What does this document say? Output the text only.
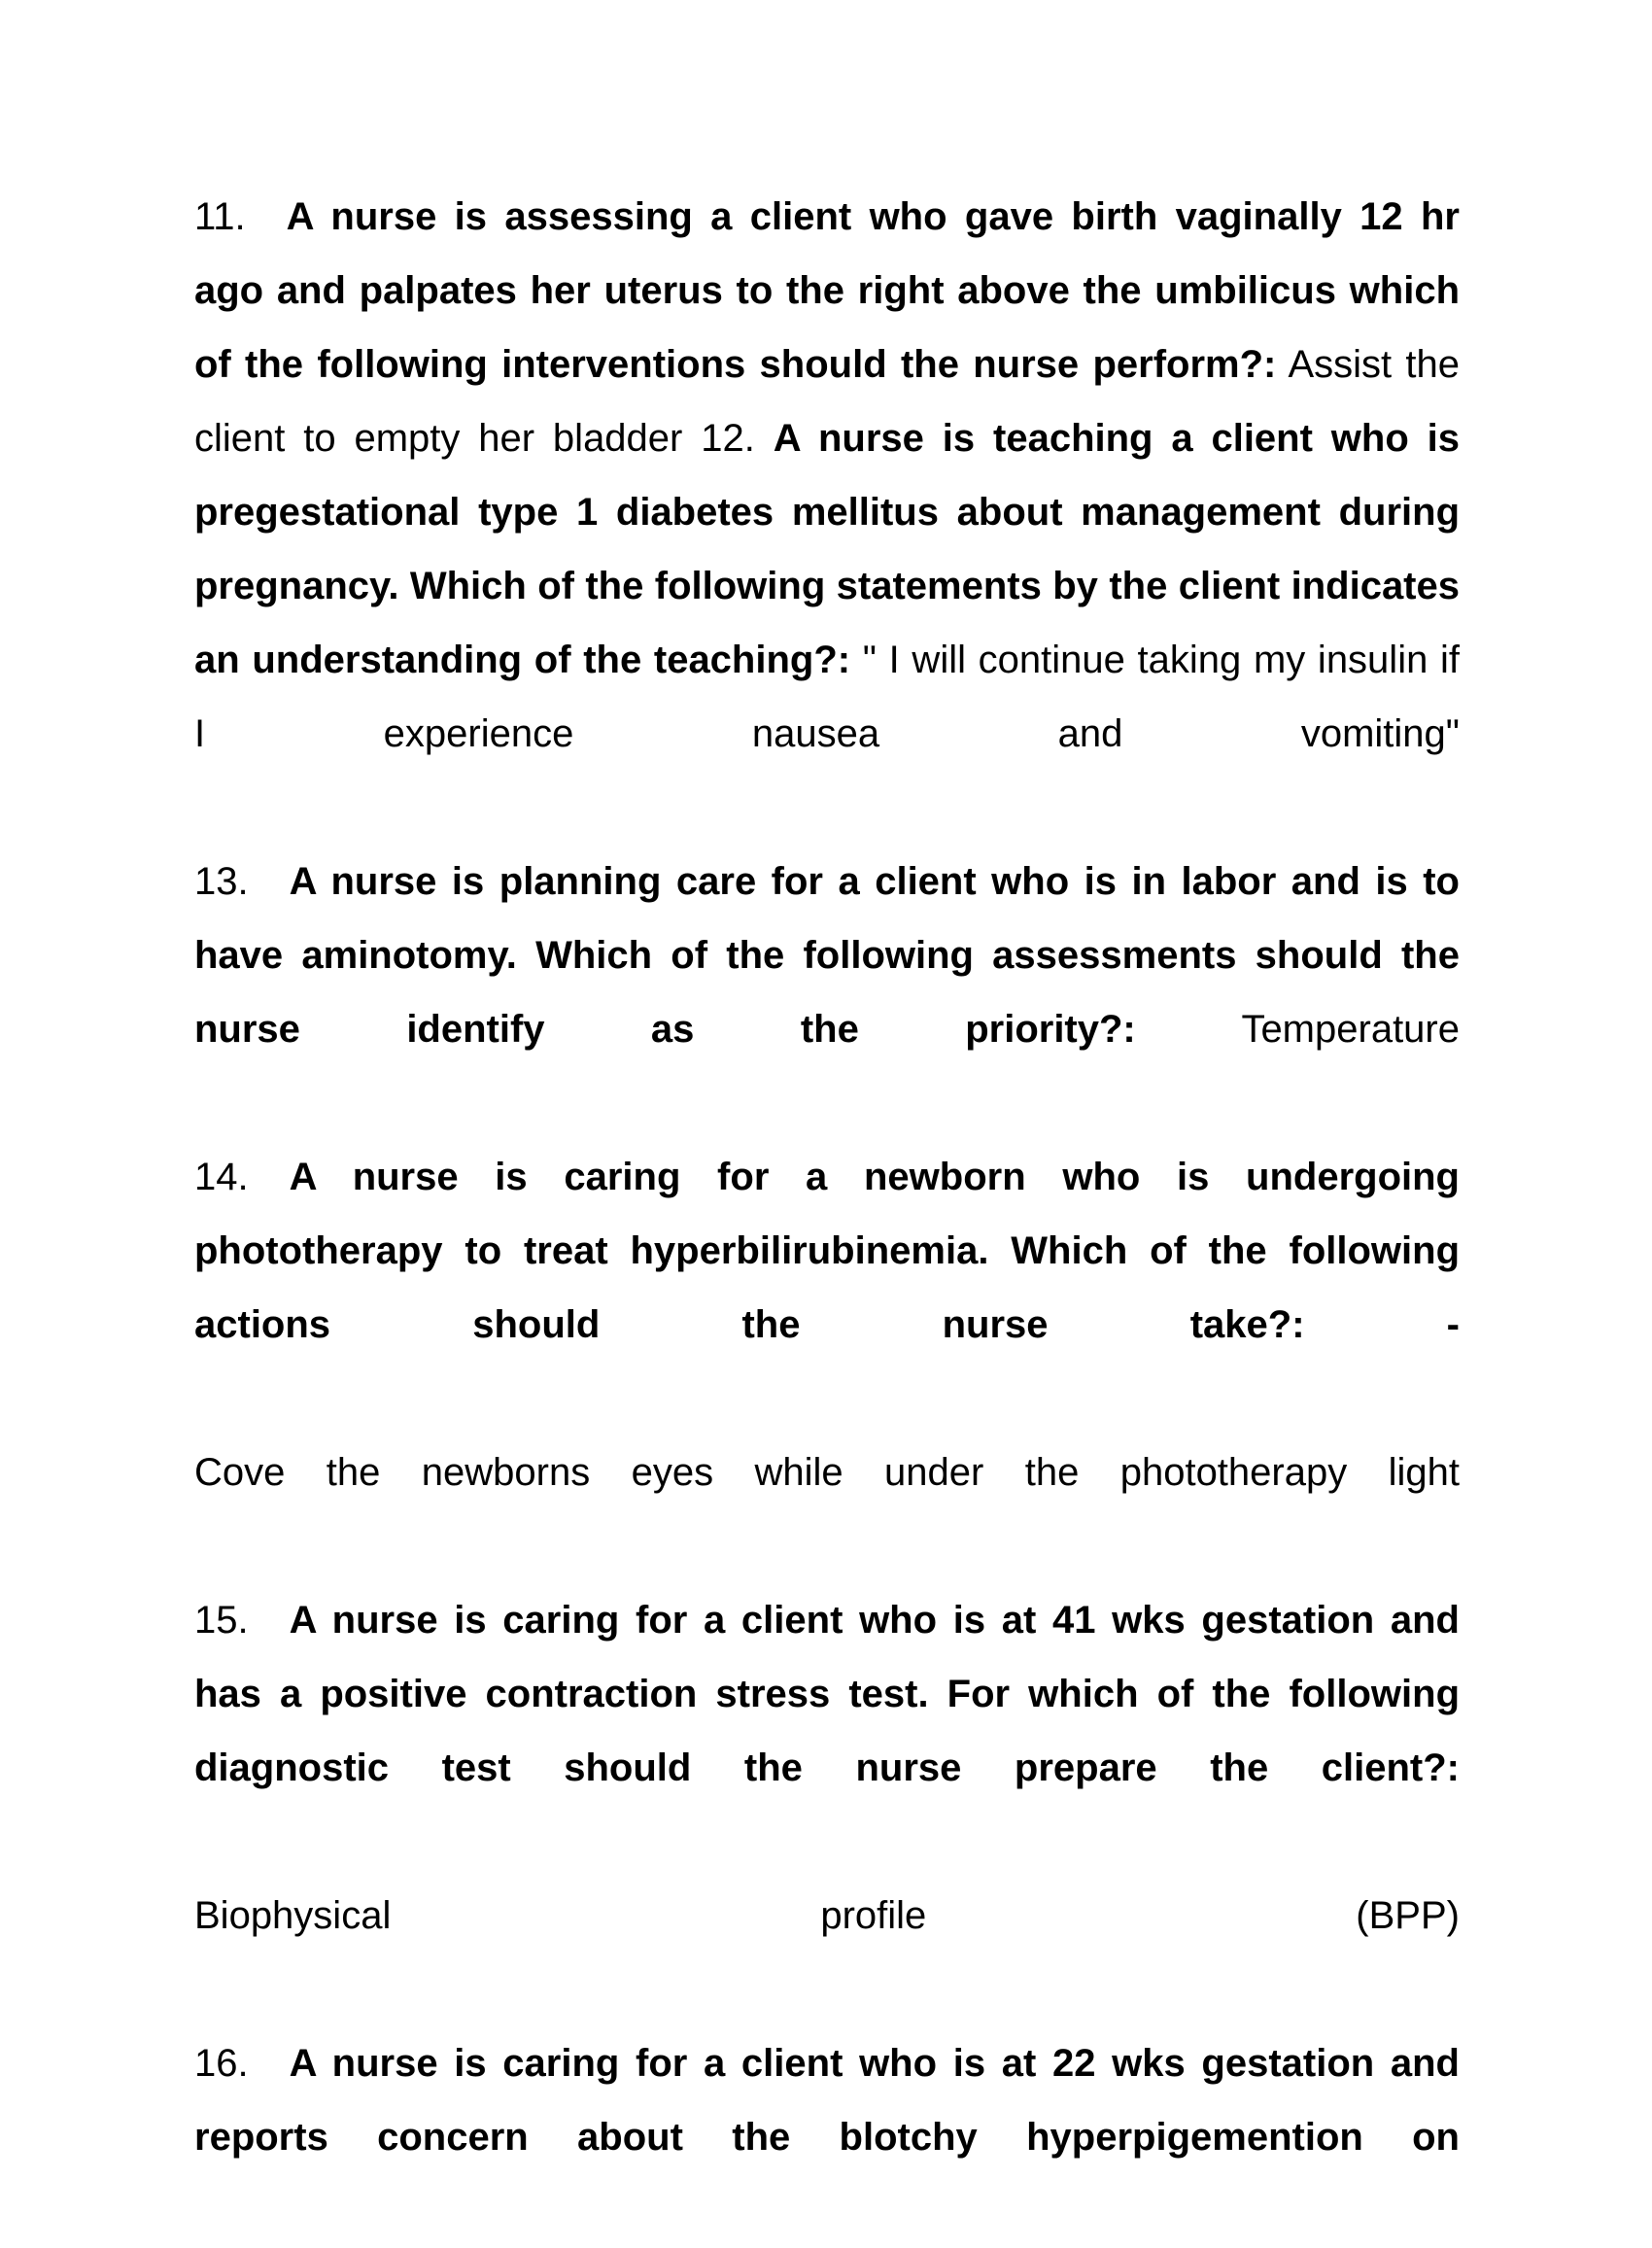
11. A nurse is assessing a client who gave birth vaginally 12 hr ago and palpates her uterus to the right above the umbilicus which of the following interventions should the nurse perform?: Assist the client to empty her bladder 12. A nurse is teaching a client who is pregestational type 1 diabetes mellitus about management during pregnancy. Which of the following statements by the client indicates an understanding of the teaching?: " I will continue taking my insulin if I experience nausea and vomiting"

13. A nurse is planning care for a client who is in labor and is to have aminotomy. Which of the following assessments should the nurse identify as the priority?:	Temperature

14. A nurse is caring for a newborn who is undergoing phototherapy to treat hyperbilirubinemia. Which of the following actions should the nurse take?: -

Cove the newborns eyes while under the phototherapy light

15. A nurse is caring for a client who is at 41 wks gestation and has a positive contraction stress test. For which of the following diagnostic test should the nurse prepare the client?:

Biophysical profile (BPP)

16. A nurse is caring for a client who is at 22 wks gestation and reports concern about the blotchy hyperpigemention on
